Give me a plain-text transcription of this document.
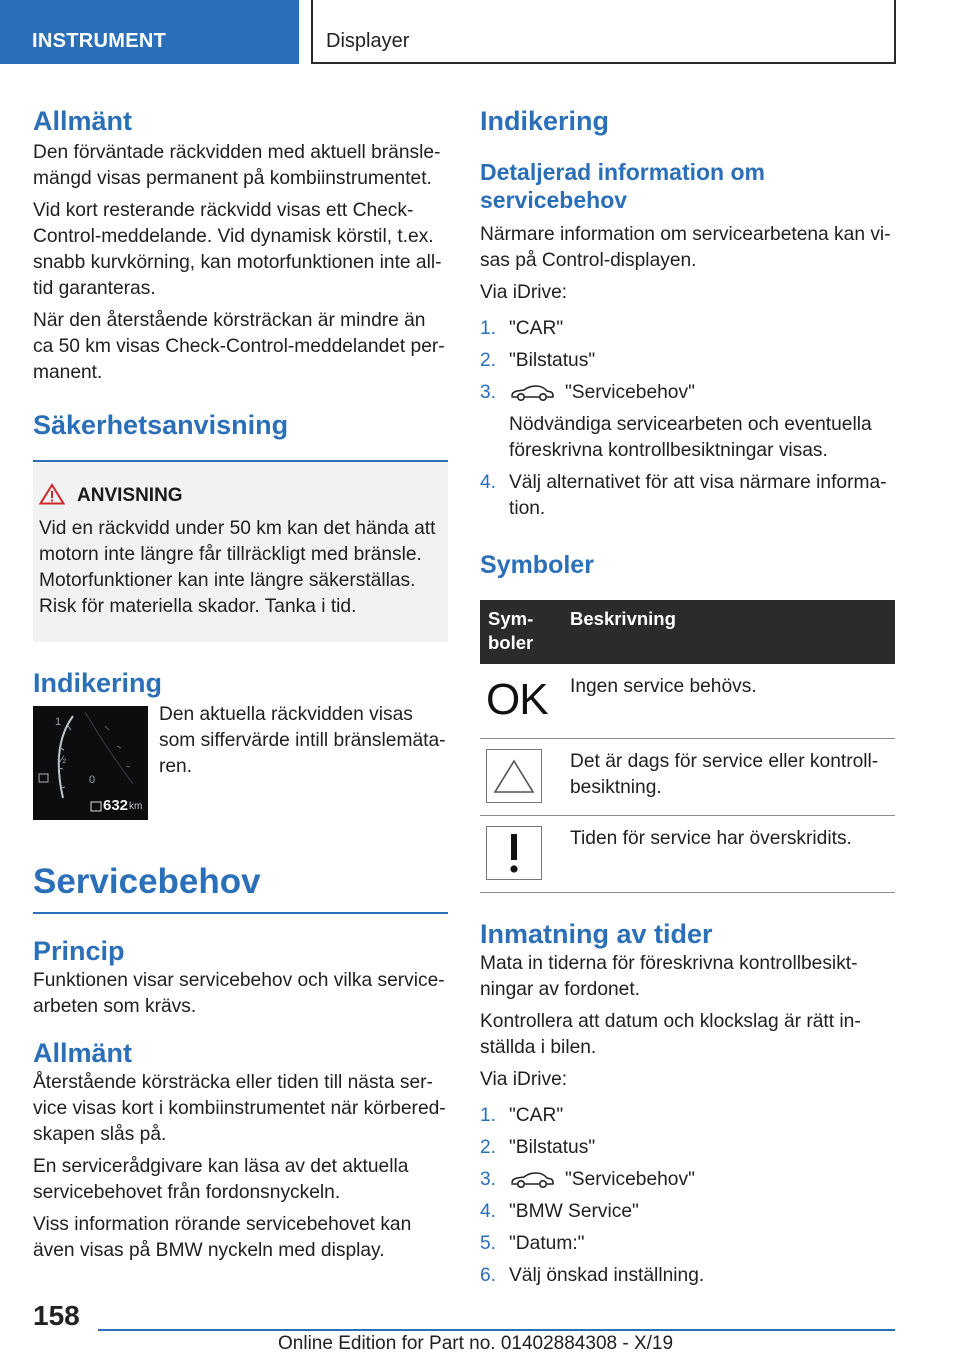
INSTRUMENT	Displayer
Allmänt

Den förväntade räckvidden med aktuell bränslemängd visas permanent på kombiinstrumentet.

Vid kort resterande räckvidd visas ett Check-Control-meddelande. Vid dynamisk körstil, t.ex. snabb kurvkörning, kan motorfunktionen inte alltid garanteras.

När den återstående körsträckan är mindre än ca 50 km visas Check-Control-meddelandet permanent.

Säkerhetsanvisning
ANVISNING

Vid en räckvidd under 50 km kan det hända att motorn inte längre får tillräckligt med bränsle. Motorfunktioner kan inte längre säkerställas. Risk för materiella skador. Tanka i tid.

Indikering
1
½
0
632 km

Den aktuella räckvidden visas som siffervärde intill bränslemätaren.

Servicebehov
Princip

Funktionen visar servicebehov och vilka servicearbeten som krävs.

Allmänt

Återstående körsträcka eller tiden till nästa service visas kort i kombiinstrumentet när körberedskapen slås på.

En servicerådgivare kan läsa av det aktuella servicebehovet från fordonsnyckeln.

Viss information rörande servicebehovet kan även visas på BMW nyckeln med display.

Indikering
Detaljerad information om servicebehov

Närmare information om servicearbetena kan visas på Control-displayen.

Via iDrive:

1. "CAR"
2. "Bilstatus"
3.	"Servicebehov"
Nödvändiga servicearbeten och eventuella föreskrivna kontrollbesiktningar visas.
4. Välj alternativet för att visa närmare information.
Symboler
Symboler	Beskrivning
OK	Ingen service behövs.

	Det är dags för service eller kontrollbesiktning.

	Tiden för service har överskridits.
Inmatning av tider

Mata in tiderna för föreskrivna kontrollbesiktningar av fordonet.

Kontrollera att datum och klockslag är rätt inställda i bilen.

Via iDrive:

1. "CAR"
2. "Bilstatus"
3.	"Servicebehov"
4. "BMW Service"
5. "Datum:"
6. Välj önskad inställning.
158
Online Edition for Part no. 01402884308 - X/19
